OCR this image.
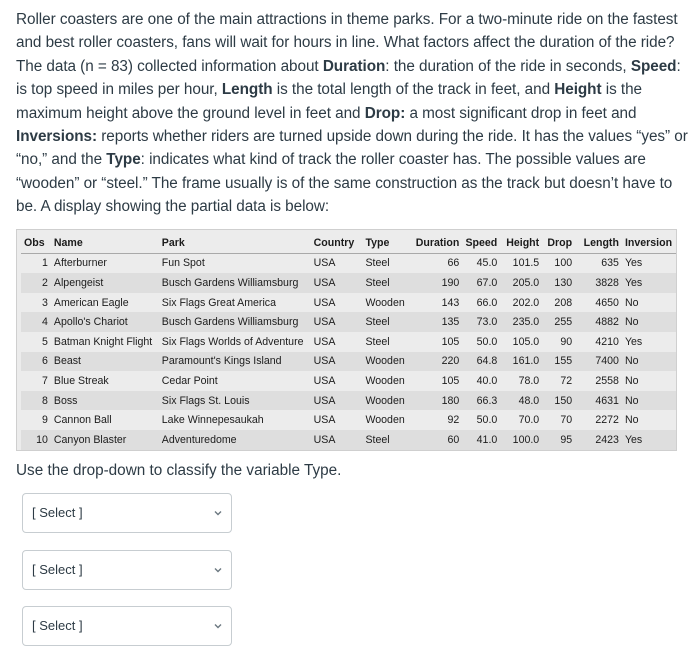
Roller coasters are one of the main attractions in theme parks. For a two-minute ride on the fastest and best roller coasters, fans will wait for hours in line. What factors affect the duration of the ride? The data (n = 83) collected information about Duration: the duration of the ride in seconds, Speed: is top speed in miles per hour, Length is the total length of the track in feet, and Height is the maximum height above the ground level in feet and Drop: a most significant drop in feet and Inversions: reports whether riders are turned upside down during the ride. It has the values “yes” or “no,” and the Type: indicates what kind of track the roller coaster has. The possible values are “wooden” or “steel.” The frame usually is of the same construction as the track but doesn’t have to be. A display showing the partial data is below:
Obs	Name	Park	Country	Type	Duration	Speed	Height	Drop	Length	Inversion
1	Afterburner	Fun Spot	USA	Steel	66	45.0	101.5	100	635	Yes
2	Alpengeist	Busch Gardens Williamsburg	USA	Steel	190	67.0	205.0	130	3828	Yes
3	American Eagle	Six Flags Great America	USA	Wooden	143	66.0	202.0	208	4650	No
4	Apollo's Chariot	Busch Gardens Williamsburg	USA	Steel	135	73.0	235.0	255	4882	No
5	Batman Knight Flight	Six Flags Worlds of Adventure	USA	Steel	105	50.0	105.0	90	4210	Yes
6	Beast	Paramount's Kings Island	USA	Wooden	220	64.8	161.0	155	7400	No
7	Blue Streak	Cedar Point	USA	Wooden	105	40.0	78.0	72	2558	No
8	Boss	Six Flags St. Louis	USA	Wooden	180	66.3	48.0	150	4631	No
9	Cannon Ball	Lake Winnepesaukah	USA	Wooden	92	50.0	70.0	70	2272	No
10	Canyon Blaster	Adventuredome	USA	Steel	60	41.0	100.0	95	2423	Yes
Use the drop-down to classify the variable Type.
[ Select ]
[ Select ]
[ Select ]
